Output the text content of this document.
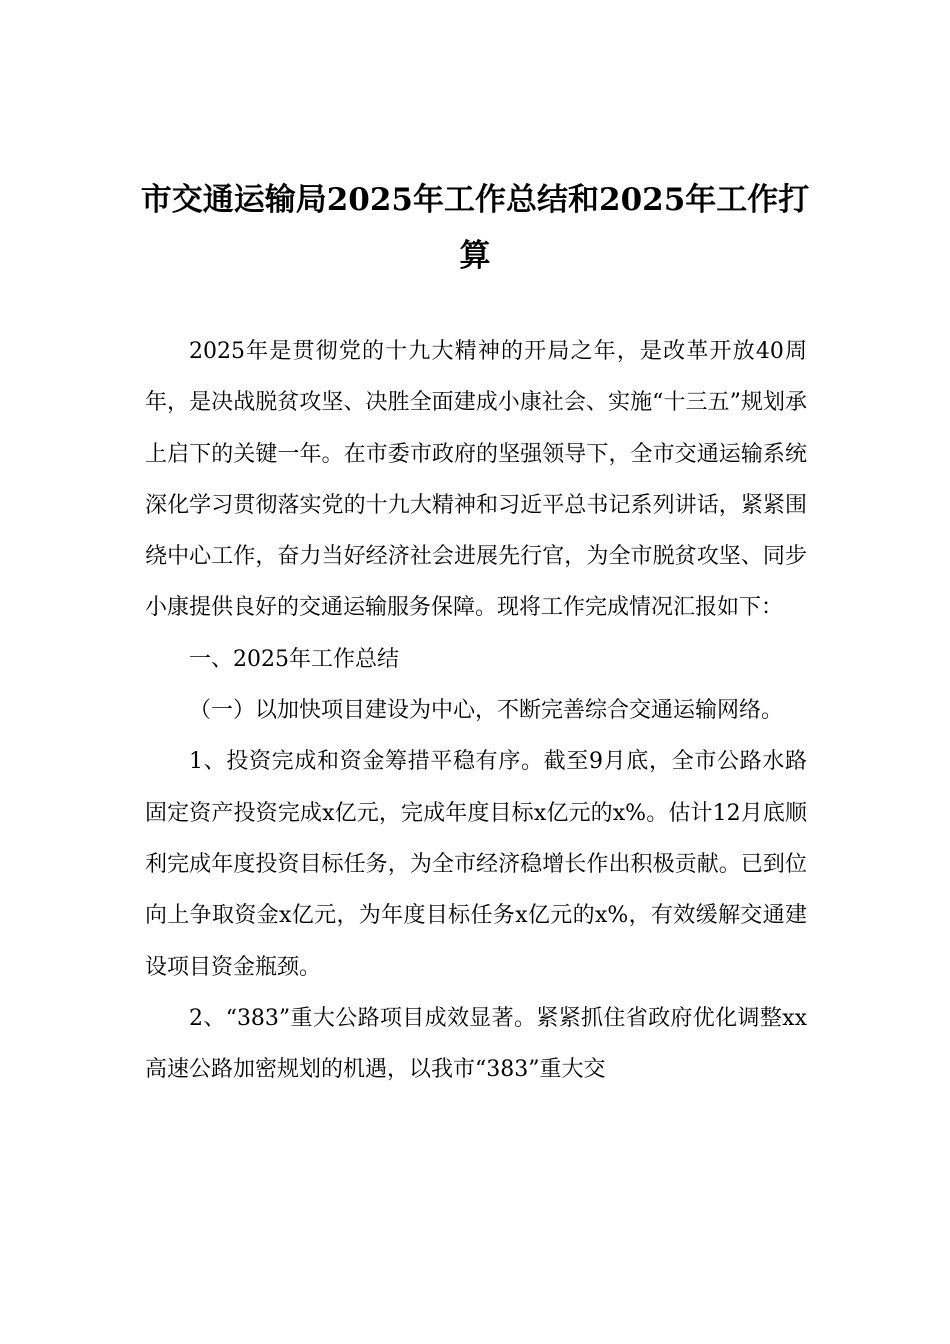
市交通运输局2025年工作总结和2025年工作打算

2025年是贯彻党的十九大精神的开局之年，是改革开放40周年，是决战脱贫攻坚、决胜全面建成小康社会、实施“十三五”规划承上启下的关键一年。在市委市政府的坚强领导下，全市交通运输系统深化学习贯彻落实党的十九大精神和习近平总书记系列讲话，紧紧围绕中心工作，奋力当好经济社会进展先行官，为全市脱贫攻坚、同步小康提供良好的交通运输服务保障。现将工作完成情况汇报如下：

一、2025年工作总结

（一）以加快项目建设为中心，不断完善综合交通运输网络。

1、投资完成和资金筹措平稳有序。截至9月底，全市公路水路固定资产投资完成x亿元，完成年度目标x亿元的x%。估计12月底顺利完成年度投资目标任务，为全市经济稳增长作出积极贡献。已到位向上争取资金x亿元，为年度目标任务x亿元的x%，有效缓解交通建设项目资金瓶颈。

2、“383”重大公路项目成效显著。紧紧抓住省政府优化调整xx高速公路加密规划的机遇，以我市“383”重大交
